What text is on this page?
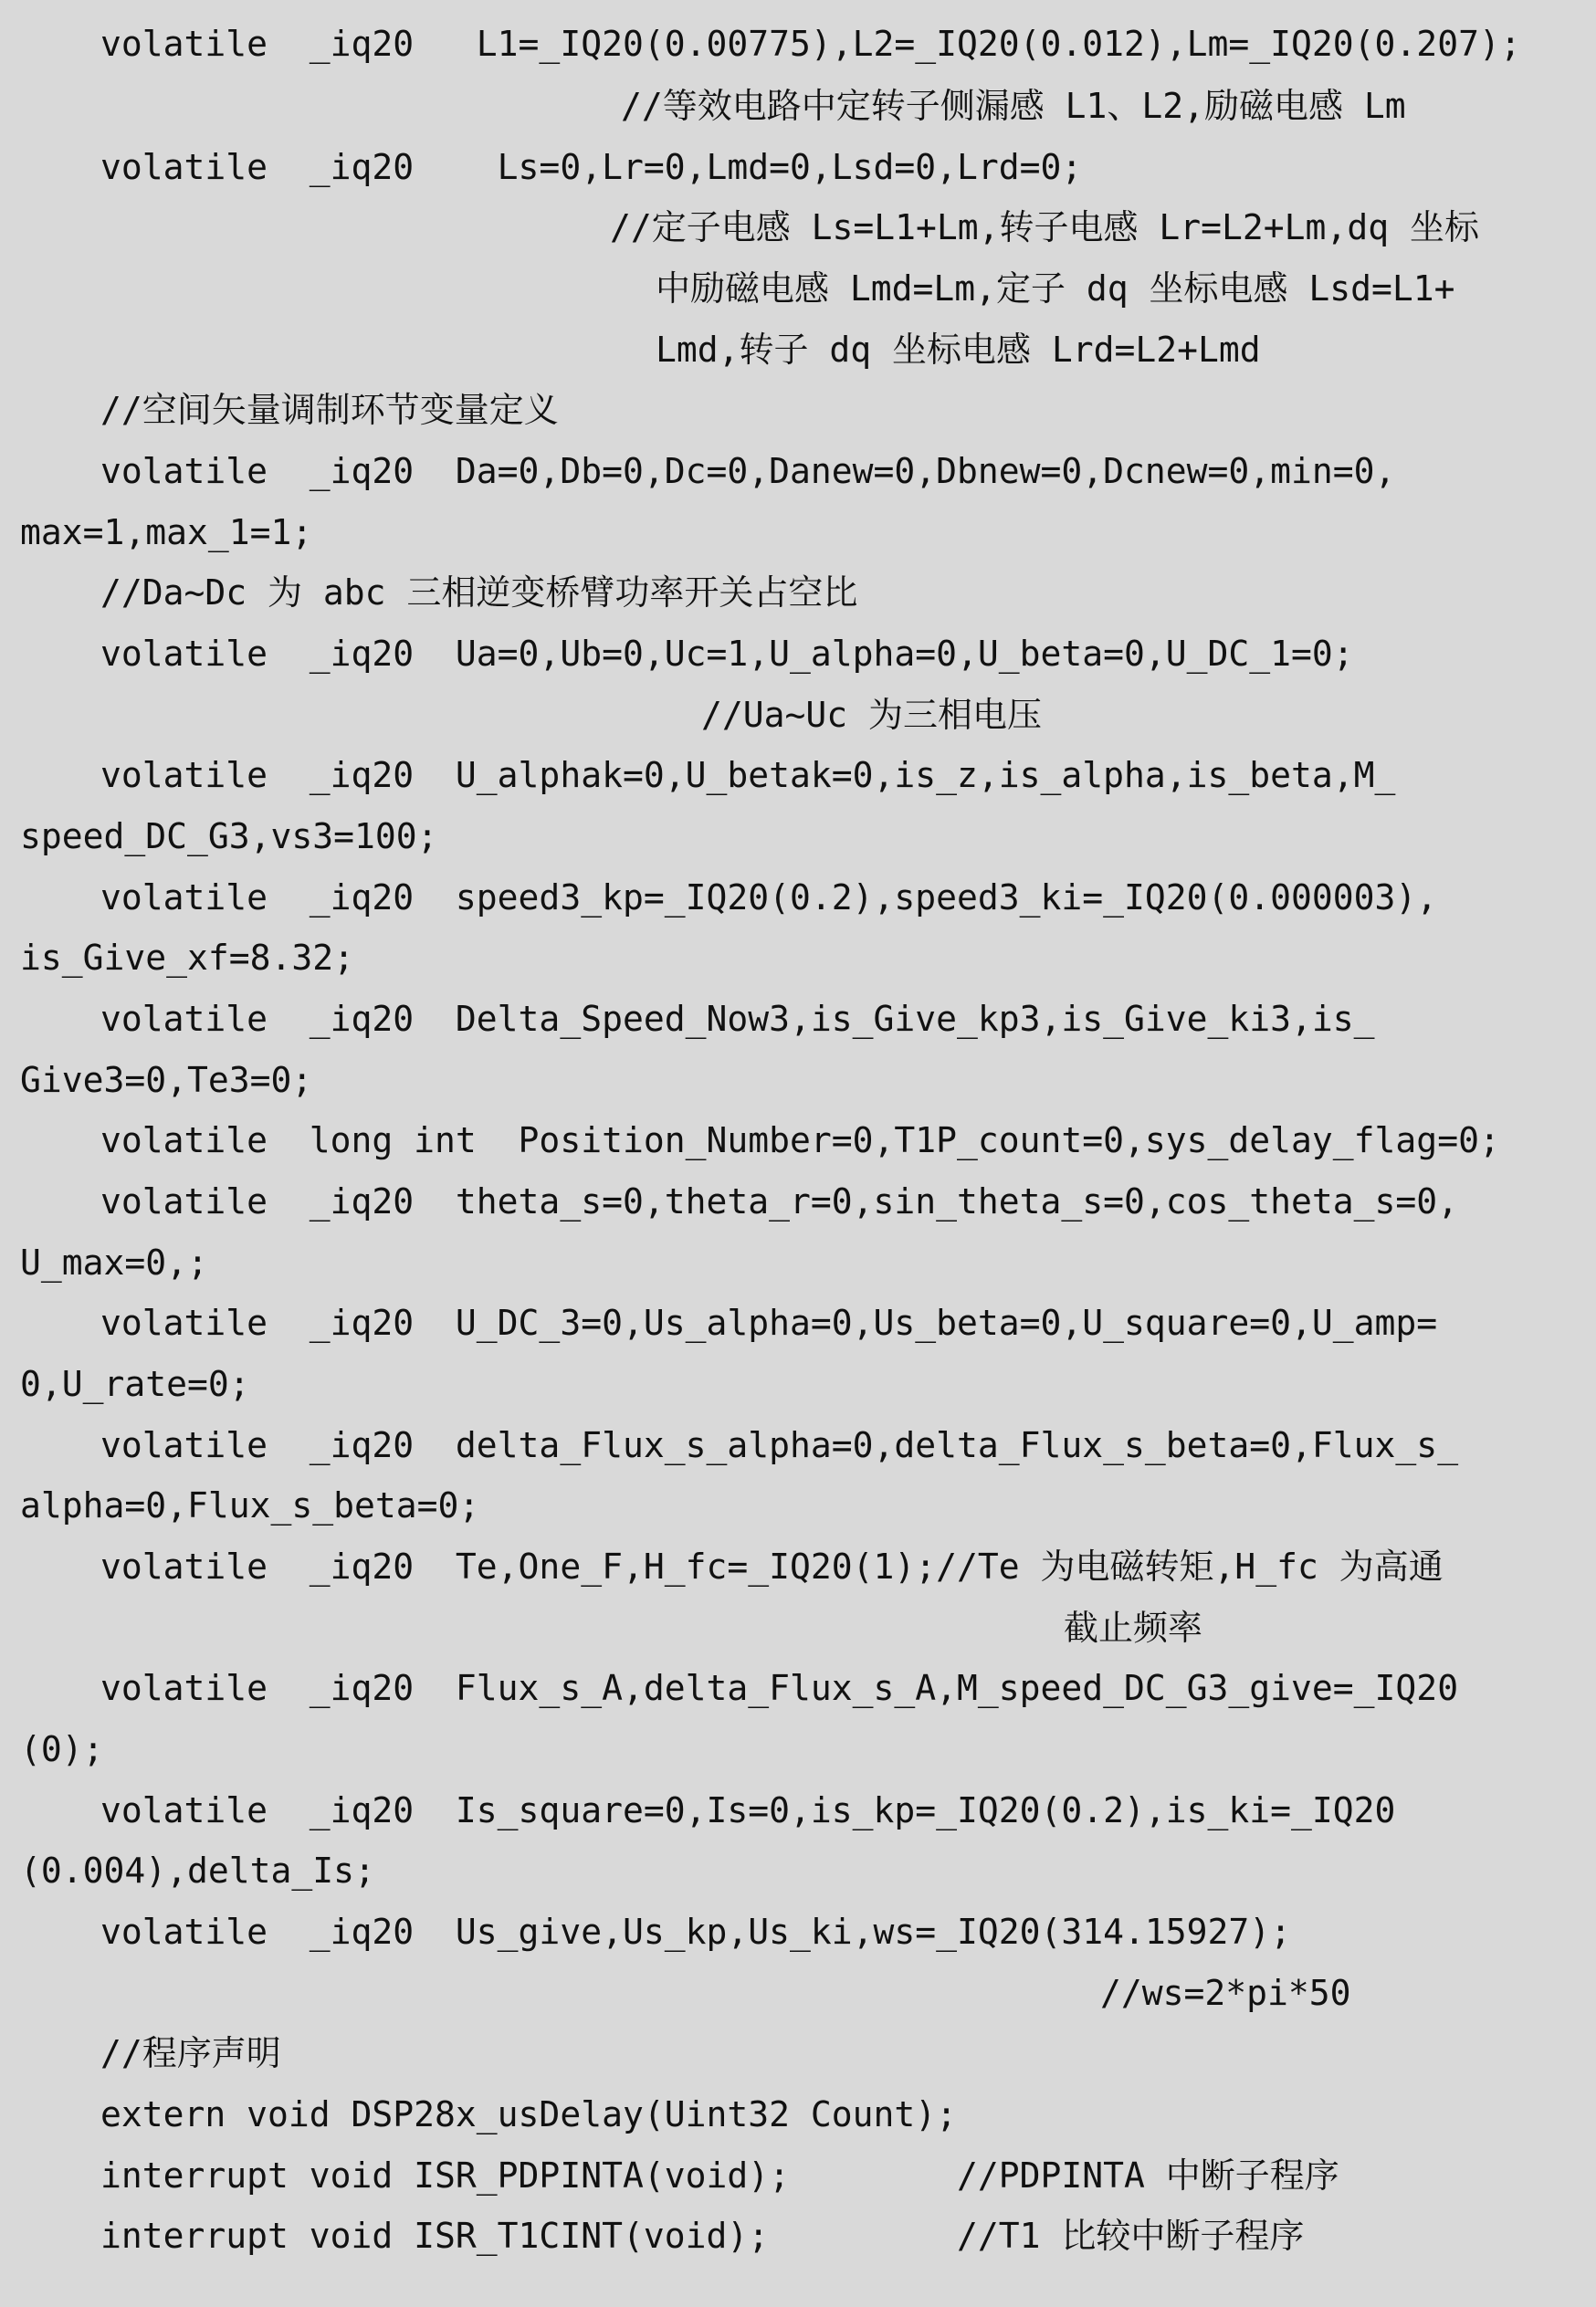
volatile  _iq20   L1=_IQ20(0.00775),L2=_IQ20(0.012),Lm=_IQ20(0.207);
//等效电路中定转子侧漏感 L1、L2,励磁电感 Lm
volatile  _iq20    Ls=0,Lr=0,Lmd=0,Lsd=0,Lrd=0;
//定子电感 Ls=L1+Lm,转子电感 Lr=L2+Lm,dq 坐标
中励磁电感 Lmd=Lm,定子 dq 坐标电感 Lsd=L1+
Lmd,转子 dq 坐标电感 Lrd=L2+Lmd
//空间矢量调制环节变量定义
volatile  _iq20  Da=0,Db=0,Dc=0,Danew=0,Dbnew=0,Dcnew=0,min=0,
max=1,max_1=1;
//Da~Dc 为 abc 三相逆变桥臂功率开关占空比
volatile  _iq20  Ua=0,Ub=0,Uc=1,U_alpha=0,U_beta=0,U_DC_1=0;
//Ua~Uc 为三相电压
volatile  _iq20  U_alphak=0,U_betak=0,is_z,is_alpha,is_beta,M_
speed_DC_G3,vs3=100;
volatile  _iq20  speed3_kp=_IQ20(0.2),speed3_ki=_IQ20(0.000003),
is_Give_xf=8.32;
volatile  _iq20  Delta_Speed_Now3,is_Give_kp3,is_Give_ki3,is_
Give3=0,Te3=0;
volatile  long int  Position_Number=0,T1P_count=0,sys_delay_flag=0;
volatile  _iq20  theta_s=0,theta_r=0,sin_theta_s=0,cos_theta_s=0,
U_max=0,;
volatile  _iq20  U_DC_3=0,Us_alpha=0,Us_beta=0,U_square=0,U_amp=
0,U_rate=0;
volatile  _iq20  delta_Flux_s_alpha=0,delta_Flux_s_beta=0,Flux_s_
alpha=0,Flux_s_beta=0;
volatile  _iq20  Te,One_F,H_fc=_IQ20(1);//Te 为电磁转矩,H_fc 为高通
截止频率
volatile  _iq20  Flux_s_A,delta_Flux_s_A,M_speed_DC_G3_give=_IQ20
(0);
volatile  _iq20  Is_square=0,Is=0,is_kp=_IQ20(0.2),is_ki=_IQ20
(0.004),delta_Is;
volatile  _iq20  Us_give,Us_kp,Us_ki,ws=_IQ20(314.15927);
//ws=2*pi*50
//程序声明
extern void DSP28x_usDelay(Uint32 Count);
interrupt void ISR_PDPINTA(void);        //PDPINTA 中断子程序
interrupt void ISR_T1CINT(void);         //T1 比较中断子程序
